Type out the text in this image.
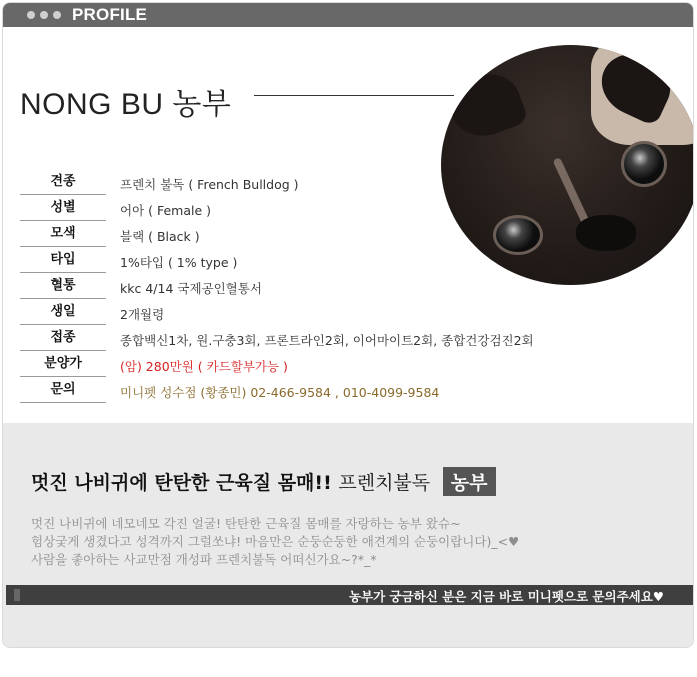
PROFILE
NONG BU 농부
견종	프렌치 불독 ( French Bulldog )
성별	어아 ( Female )
모색	블랙 ( Black )
타입	1%타입 ( 1% type )
혈통	kkc 4/14 국제공인혈통서
생일	2개월령
접종	종합백신1차, 원.구충3회, 프론트라인2회, 이어마이트2회, 종합건강검진2회
분양가	(암) 280만원 ( 카드할부가능 )
문의	미니펫 성수점 (황종민) 02-466-9584 , 010-4099-9584
멋진 나비귀에 탄탄한 근육질 몸매!! 프렌치불독 농부
멋진 나비귀에 네모네모 각진 얼굴! 탄탄한 근육질 몸매를 자랑하는 농부 왔슈~
험상궂게 생겼다고 성격까지 그럴쏘냐! 마음만은 순둥순둥한 애견계의 순둥이랍니다)_<♥
사람을 좋아하는 사교만점 개성파 프렌치불독 어떠신가요~?*_*
농부가 궁금하신 분은 지금 바로 미니펫으로 문의주세요♥
